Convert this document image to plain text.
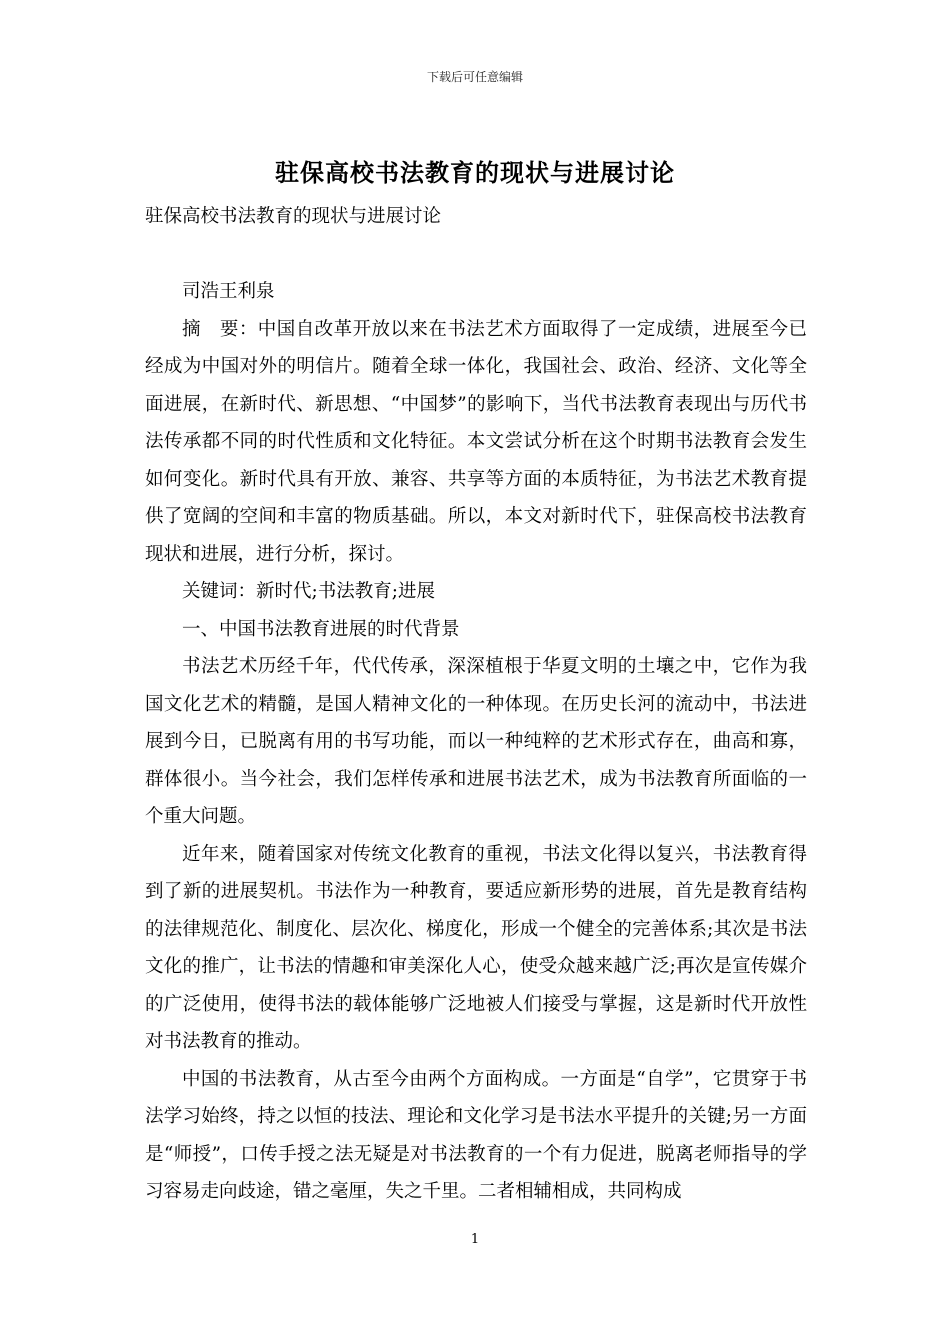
下载后可任意编辑
驻保高校书法教育的现状与进展讨论

驻保高校书法教育的现状与进展讨论

司浩王利泉

摘　要：中国自改革开放以来在书法艺术方面取得了一定成绩，进展至今已经成为中国对外的明信片。随着全球一体化，我国社会、政治、经济、文化等全面进展，在新时代、新思想、“中国梦”的影响下，当代书法教育表现出与历代书法传承都不同的时代性质和文化特征。本文尝试分析在这个时期书法教育会发生如何变化。新时代具有开放、兼容、共享等方面的本质特征，为书法艺术教育提供了宽阔的空间和丰富的物质基础。所以，本文对新时代下，驻保高校书法教育现状和进展，进行分析，探讨。

关键词：新时代;书法教育;进展

一、中国书法教育进展的时代背景

书法艺术历经千年，代代传承，深深植根于华夏文明的土壤之中，它作为我国文化艺术的精髓，是国人精神文化的一种体现。在历史长河的流动中，书法进展到今日，已脱离有用的书写功能，而以一种纯粹的艺术形式存在，曲高和寡，群体很小。当今社会，我们怎样传承和进展书法艺术，成为书法教育所面临的一个重大问题。

近年来，随着国家对传统文化教育的重视，书法文化得以复兴，书法教育得到了新的进展契机。书法作为一种教育，要适应新形势的进展，首先是教育结构的法律规范化、制度化、层次化、梯度化，形成一个健全的完善体系;其次是书法文化的推广，让书法的情趣和审美深化人心，使受众越来越广泛;再次是宣传媒介的广泛使用，使得书法的载体能够广泛地被人们接受与掌握，这是新时代开放性对书法教育的推动。

中国的书法教育，从古至今由两个方面构成。一方面是“自学”，它贯穿于书法学习始终，持之以恒的技法、理论和文化学习是书法水平提升的关键;另一方面是“师授”，口传手授之法无疑是对书法教育的一个有力促进，脱离老师指导的学习容易走向歧途，错之毫厘，失之千里。二者相辅相成，共同构成

1
